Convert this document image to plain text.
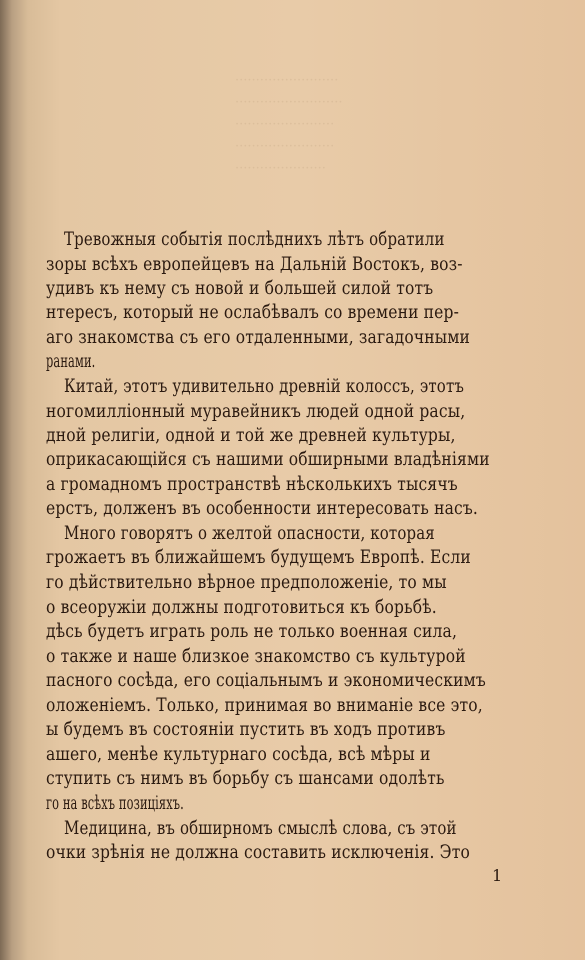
·························
··························
························
························
······················
Тревожныя событія послѣднихъ лѣтъ обратили
зоры всѣхъ европейцевъ на Дальній Востокъ, воз-
удивъ къ нему съ новой и большей силой тотъ
нтересъ, который не ослабѣвалъ со времени пер-
аго знакомства съ его отдаленными, загадочными
ранами.
Китай, этотъ удивительно древній колоссъ, этотъ
ногомиллiонный муравейникъ людей одной расы,
дной религіи, одной и той же древней культуры,
оприкасающійся съ нашими обширными владѣніями
а громадномъ пространствѣ нѣсколькихъ тысячъ
ерстъ, долженъ въ особенности интересовать насъ.
Много говорятъ о желтой опасности, которая
грожаетъ въ ближайшемъ будущемъ Европѣ. Если
го дѣйствительно вѣрное предположеніе, то мы
о всеоружіи должны подготовиться къ борьбѣ.
дѣсь будетъ играть роль не только военная сила,
о также и наше близкое знакомство съ культурой
пасного сосѣда, его соціальнымъ и экономическимъ
оложеніемъ. Только, принимая во вниманіе все это,
ы будемъ въ состояніи пустить въ ходъ противъ
ашего, менѣе культурнаго сосѣда, всѣ мѣры и
ступить съ нимъ въ борьбу съ шансами одолѣть
го на всѣхъ позиціяхъ.
Медицина, въ обширномъ смыслѣ слова, съ этой
очки зрѣнія не должна составить исключенія. Это
1
